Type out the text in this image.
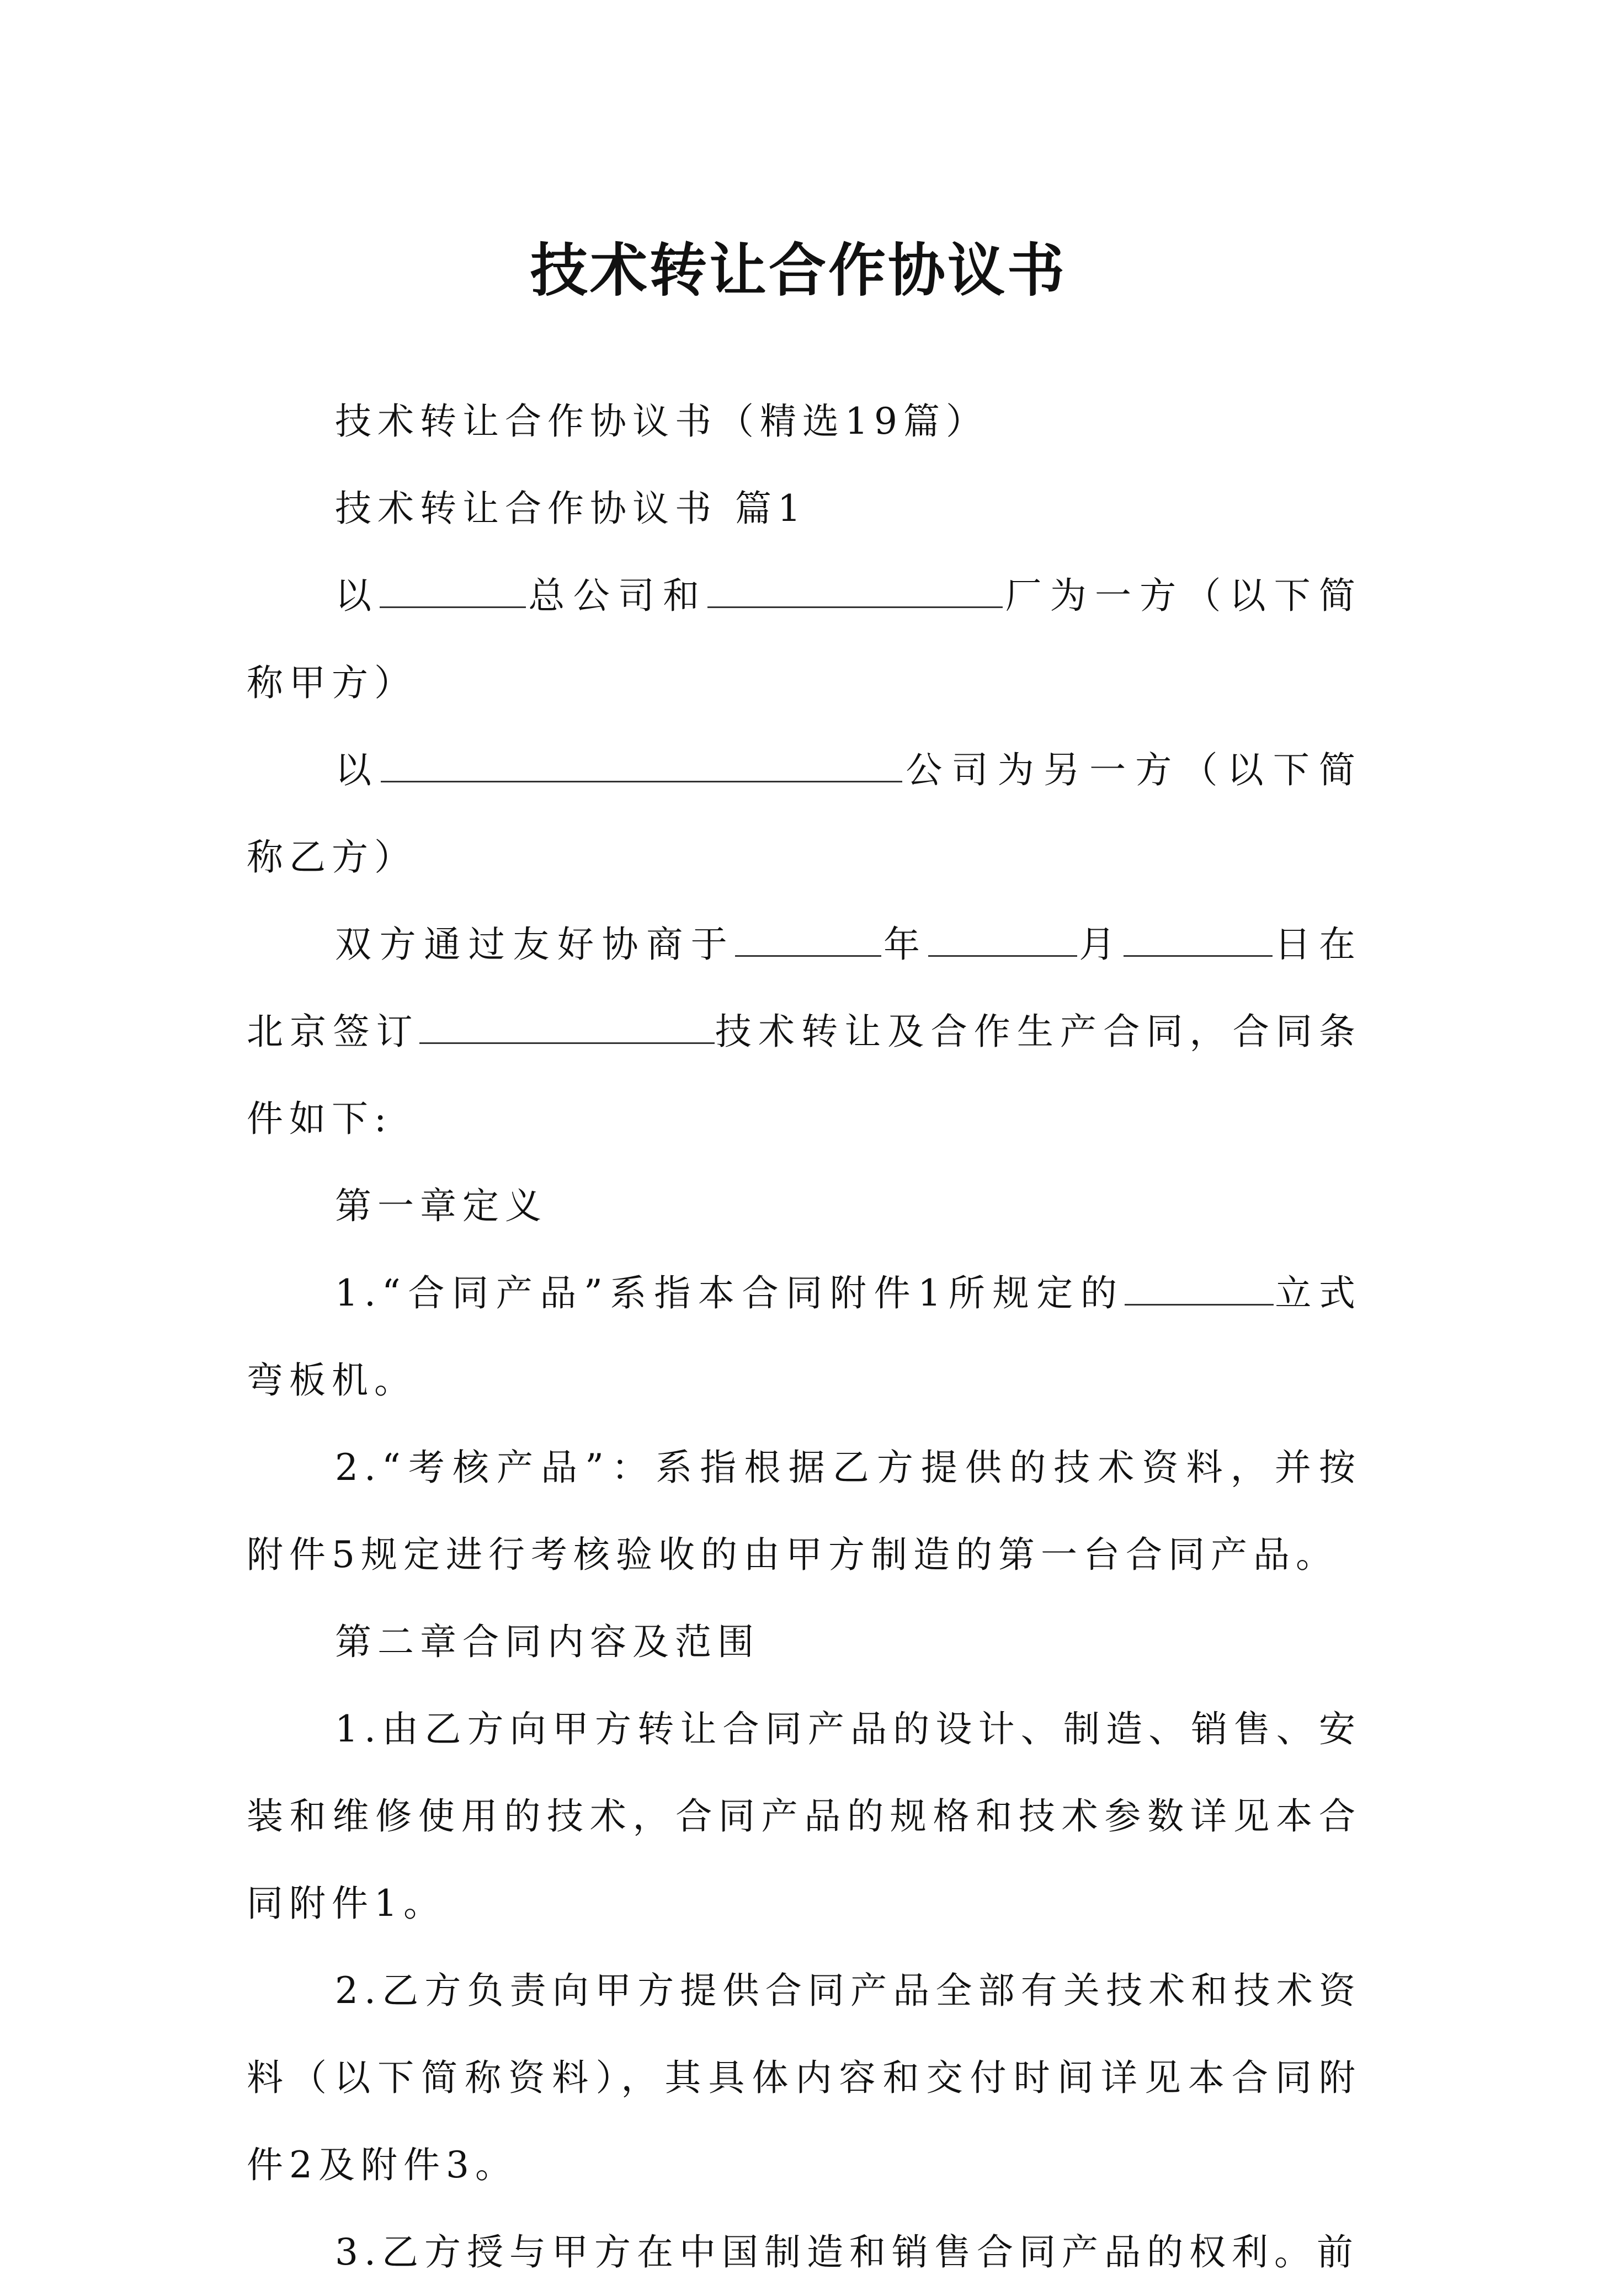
技术转让合作协议书

技术转让合作协议书（精选19篇）

技术转让合作协议书 篇1

以	总公司和	厂为一方（以下简称甲方）

以	公司为另一方（以下简称乙方）

双方通过友好协商于	年	月	日在北京签订	技术转让及合作生产合同，合同条件如下:

第一章定义

1.“合同产品”系指本合同附件1所规定的	立式弯板机。

2.“考核产品”：系指根据乙方提供的技术资料，并按附件5规定进行考核验收的由甲方制造的第一台合同产品。

第二章合同内容及范围

1.由乙方向甲方转让合同产品的设计、制造、销售、安装和维修使用的技术，合同产品的规格和技术参数详见本合同附件1。

2.乙方负责向甲方提供合同产品全部有关技术和技术资料（以下简称资料），其具体内容和交付时间详见本合同附件2及附件3。

3.乙方授与甲方在中国制造和销售合同产品的权利。前
